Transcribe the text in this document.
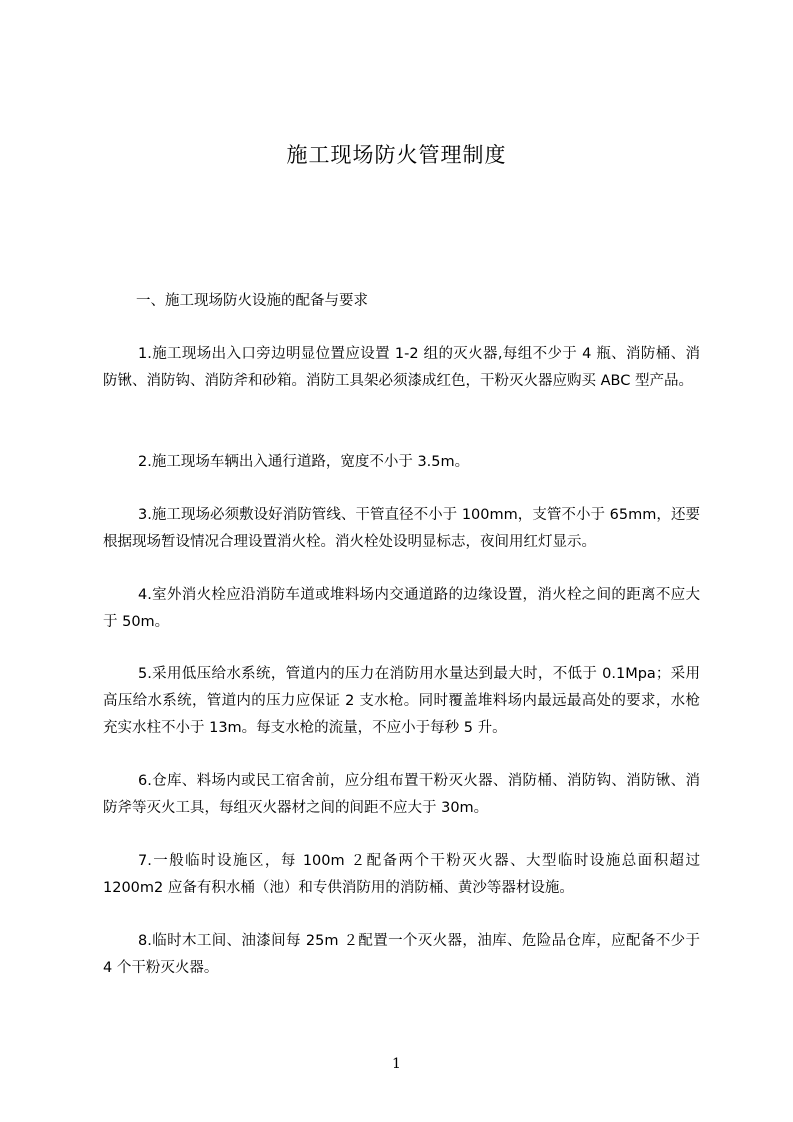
施工现场防火管理制度
一、施工现场防火设施的配备与要求

1.施工现场出入口旁边明显位置应设置 1-2 组的灭火器,每组不少于 4 瓶、消防桶、消防锹、消防钩、消防斧和砂箱。消防工具架必须漆成红色，干粉灭火器应购买 ABC 型产品。

2.施工现场车辆出入通行道路，宽度不小于 3.5m。

3.施工现场必须敷设好消防管线、干管直径不小于 100mm，支管不小于 65mm，还要根据现场暂设情况合理设置消火栓。消火栓处设明显标志，夜间用红灯显示。

4.室外消火栓应沿消防车道或堆料场内交通道路的边缘设置，消火栓之间的距离不应大于 50m。

5.采用低压给水系统，管道内的压力在消防用水量达到最大时，不低于 0.1Mpa；采用高压给水系统，管道内的压力应保证 2 支水枪。同时覆盖堆料场内最远最高处的要求，水枪充实水柱不小于 13m。每支水枪的流量，不应小于每秒 5 升。

6.仓库、料场内或民工宿舍前，应分组布置干粉灭火器、消防桶、消防钩、消防锹、消防斧等灭火工具，每组灭火器材之间的间距不应大于 30m。

7.一般临时设施区，每 100m ２配备两个干粉灭火器、大型临时设施总面积超过 1200m2 应备有积水桶（池）和专供消防用的消防桶、黄沙等器材设施。

8.临时木工间、油漆间每 25m ２配置一个灭火器，油库、危险品仓库，应配备不少于 4 个干粉灭火器。

1
